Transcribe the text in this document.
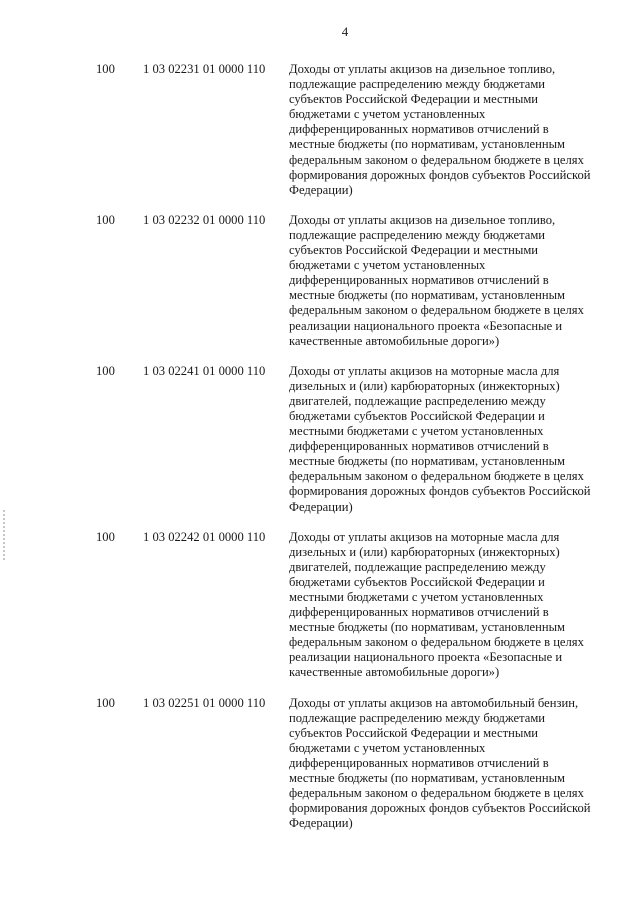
4
100 1 03 02231 01 0000 110 Доходы от уплаты акцизов на дизельное топливо,
подлежащие распределению между бюджетами
субъектов Российской Федерации и местными
бюджетами с учетом установленных
дифференцированных нормативов отчислений в
местные бюджеты (по нормативам, установленным
федеральным законом о федеральном бюджете в целях
формирования дорожных фондов субъектов Российской
Федерации)
100 1 03 02232 01 0000 110 Доходы от уплаты акцизов на дизельное топливо,
подлежащие распределению между бюджетами
субъектов Российской Федерации и местными
бюджетами с учетом установленных
дифференцированных нормативов отчислений в
местные бюджеты (по нормативам, установленным
федеральным законом о федеральном бюджете в целях
реализации национального проекта «Безопасные и
качественные автомобильные дороги»)
100 1 03 02241 01 0000 110 Доходы от уплаты акцизов на моторные масла для
дизельных и (или) карбюраторных (инжекторных)
двигателей, подлежащие распределению между
бюджетами субъектов Российской Федерации и
местными бюджетами с учетом установленных
дифференцированных нормативов отчислений в
местные бюджеты (по нормативам, установленным
федеральным законом о федеральном бюджете в целях
формирования дорожных фондов субъектов Российской
Федерации)
100 1 03 02242 01 0000 110 Доходы от уплаты акцизов на моторные масла для
дизельных и (или) карбюраторных (инжекторных)
двигателей, подлежащие распределению между
бюджетами субъектов Российской Федерации и
местными бюджетами с учетом установленных
дифференцированных нормативов отчислений в
местные бюджеты (по нормативам, установленным
федеральным законом о федеральном бюджете в целях
реализации национального проекта «Безопасные и
качественные автомобильные дороги»)
100 1 03 02251 01 0000 110 Доходы от уплаты акцизов на автомобильный бензин,
подлежащие распределению между бюджетами
субъектов Российской Федерации и местными
бюджетами с учетом установленных
дифференцированных нормативов отчислений в
местные бюджеты (по нормативам, установленным
федеральным законом о федеральном бюджете в целях
формирования дорожных фондов субъектов Российской
Федерации)
